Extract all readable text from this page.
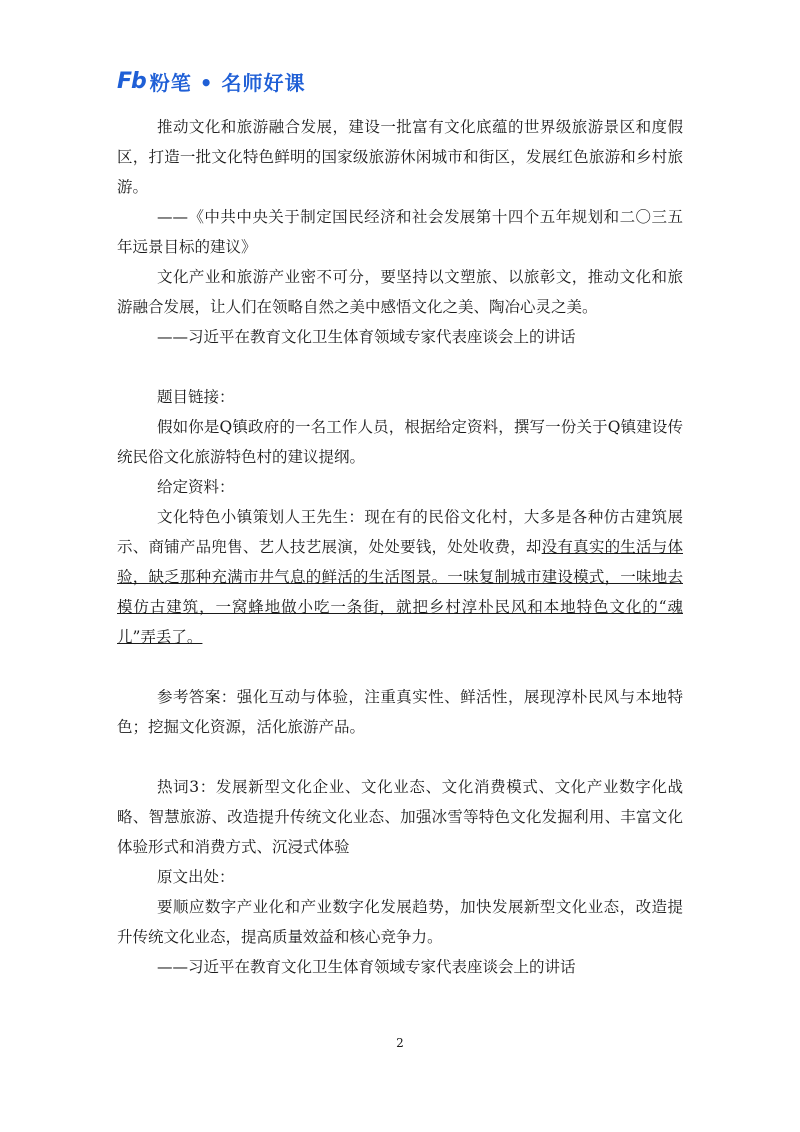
Fb 粉笔 • 名师好课

推动文化和旅游融合发展，建设一批富有文化底蕴的世界级旅游景区和度假区，打造一批文化特色鲜明的国家级旅游休闲城市和街区，发展红色旅游和乡村旅游。

——《中共中央关于制定国民经济和社会发展第十四个五年规划和二〇三五年远景目标的建议》

文化产业和旅游产业密不可分，要坚持以文塑旅、以旅彰文，推动文化和旅游融合发展，让人们在领略自然之美中感悟文化之美、陶冶心灵之美。

——习近平在教育文化卫生体育领域专家代表座谈会上的讲话

题目链接：

假如你是Q镇政府的一名工作人员，根据给定资料，撰写一份关于Q镇建设传统民俗文化旅游特色村的建议提纲。

给定资料：

文化特色小镇策划人王先生：现在有的民俗文化村，大多是各种仿古建筑展示、商铺产品兜售、艺人技艺展演，处处要钱，处处收费，却没有真实的生活与体验，缺乏那种充满市井气息的鲜活的生活图景。一味复制城市建设模式，一味地去模仿古建筑，一窝蜂地做小吃一条街，就把乡村淳朴民风和本地特色文化的“魂儿”弄丢了。

参考答案：强化互动与体验，注重真实性、鲜活性，展现淳朴民风与本地特色；挖掘文化资源，活化旅游产品。

热词3：发展新型文化企业、文化业态、文化消费模式、文化产业数字化战略、智慧旅游、改造提升传统文化业态、加强冰雪等特色文化发掘利用、丰富文化体验形式和消费方式、沉浸式体验

原文出处：

要顺应数字产业化和产业数字化发展趋势，加快发展新型文化业态，改造提升传统文化业态，提高质量效益和核心竞争力。

——习近平在教育文化卫生体育领域专家代表座谈会上的讲话

2
